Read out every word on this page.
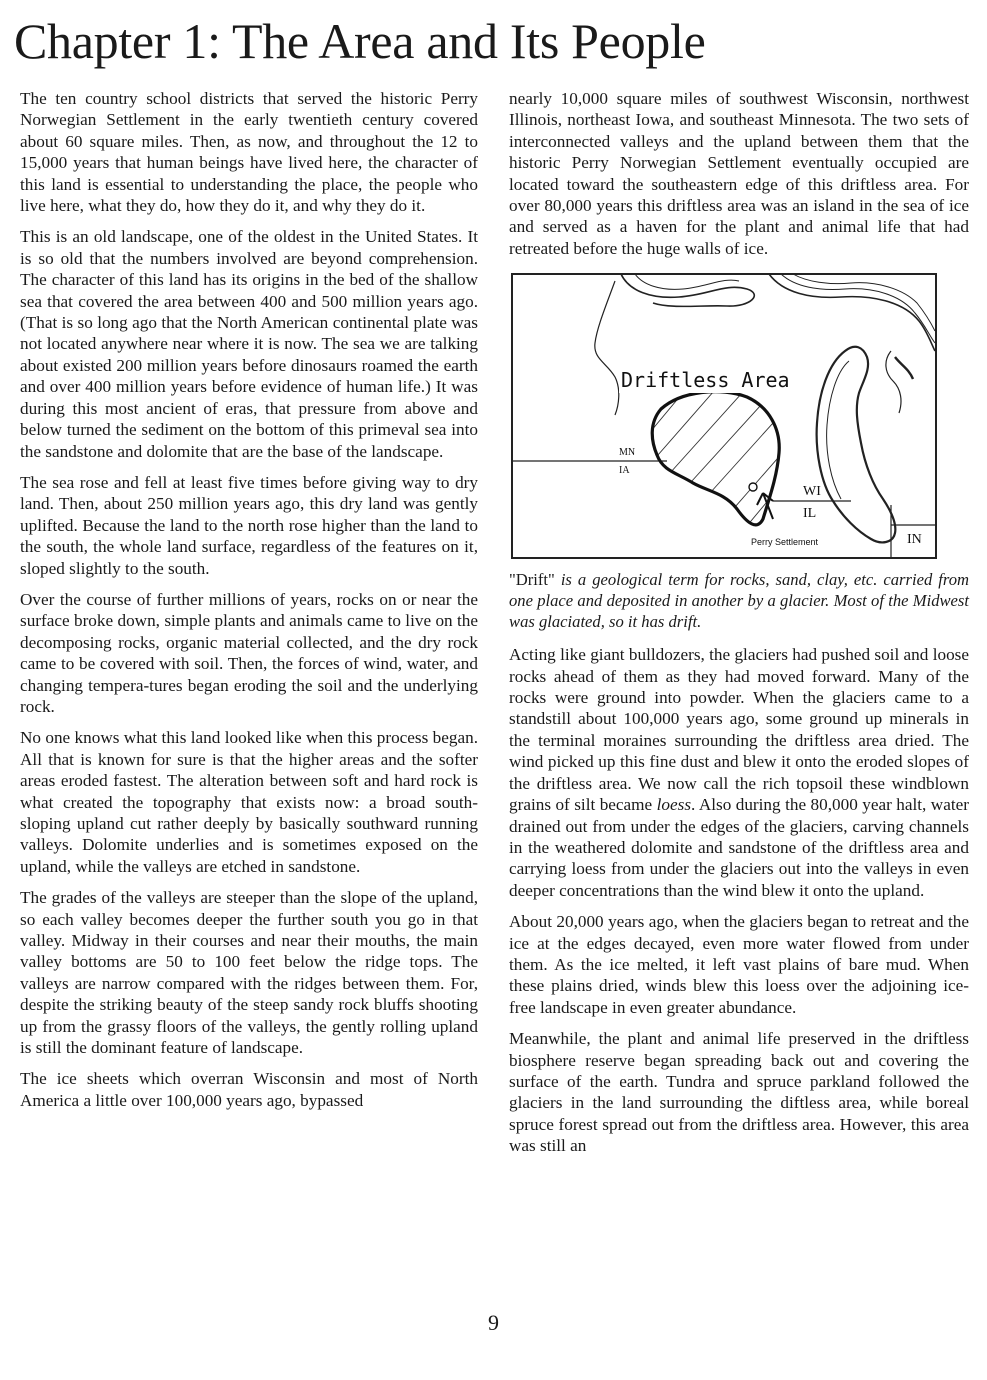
Chapter 1: The Area and Its People

The ten country school districts that served the historic Perry Norwegian Settlement in the early twentieth century covered about 60 square miles. Then, as now, and throughout the 12 to 15,000 years that human beings have lived here, the character of this land is essential to understanding the place, the people who live here, what they do, how they do it, and why they do it.

This is an old landscape, one of the oldest in the United States. It is so old that the numbers involved are beyond comprehension. The character of this land has its origins in the bed of the shallow sea that covered the area between 400 and 500 million years ago. (That is so long ago that the North American continental plate was not located anywhere near where it is now. The sea we are talking about existed 200 million years before dinosaurs roamed the earth and over 400 million years before evidence of human life.) It was during this most ancient of eras, that pressure from above and below turned the sediment on the bottom of this primeval sea into the sandstone and dolomite that are the base of the landscape.

The sea rose and fell at least five times before giving way to dry land. Then, about 250 million years ago, this dry land was gently uplifted. Because the land to the north rose higher than the land to the south, the whole land surface, regardless of the features on it, sloped slightly to the south.

Over the course of further millions of years, rocks on or near the surface broke down, simple plants and animals came to live on the decomposing rocks, organic material collected, and the dry rock came to be covered with soil. Then, the forces of wind, water, and changing tempera-tures began eroding the soil and the underlying rock.

No one knows what this land looked like when this process began. All that is known for sure is that the higher areas and the softer areas eroded fastest. The alteration between soft and hard rock is what created the topography that exists now: a broad south-sloping upland cut rather deeply by basically southward running valleys. Dolomite underlies and is sometimes exposed on the upland, while the valleys are etched in sandstone.

The grades of the valleys are steeper than the slope of the upland, so each valley becomes deeper the further south you go in that valley. Midway in their courses and near their mouths, the main valley bottoms are 50 to 100 feet below the ridge tops. The valleys are narrow compared with the ridges between them. For, despite the striking beauty of the steep sandy rock bluffs shooting up from the grassy floors of the valleys, the gently rolling upland is still the dominant feature of landscape.

The ice sheets which overran Wisconsin and most of North America a little over 100,000 years ago, bypassed

nearly 10,000 square miles of southwest Wisconsin, northwest Illinois, northeast Iowa, and southeast Minnesota. The two sets of interconnected valleys and the upland between them that the historic Perry Norwegian Settlement eventually occupied are located toward the southeastern edge of this driftless area. For over 80,000 years this driftless area was an island in the sea of ice and served as a haven for the plant and animal life that had retreated before the huge walls of ice.

Driftless Area
MN
IA
WI
IL
IN
Perry Settlement

"Drift" is a geological term for rocks, sand, clay, etc. carried from one place and deposited in another by a glacier. Most of the Midwest was glaciated, so it has drift.

Acting like giant bulldozers, the glaciers had pushed soil and loose rocks ahead of them as they had moved forward. Many of the rocks were ground into powder. When the glaciers came to a standstill about 100,000 years ago, some ground up minerals in the terminal moraines surrounding the driftless area dried. The wind picked up this fine dust and blew it onto the eroded slopes of the driftless area. We now call the rich topsoil these windblown grains of silt became loess. Also during the 80,000 year halt, water drained out from under the edges of the glaciers, carving channels in the weathered dolomite and sandstone of the driftless area and carrying loess from under the glaciers out into the valleys in even deeper concentrations than the wind blew it onto the upland.

About 20,000 years ago, when the glaciers began to retreat and the ice at the edges decayed, even more water flowed from under them. As the ice melted, it left vast plains of bare mud. When these plains dried, winds blew this loess over the adjoining ice-free landscape in even greater abundance.

Meanwhile, the plant and animal life preserved in the driftless biosphere reserve began spreading back out and covering the surface of the earth. Tundra and spruce parkland followed the glaciers in the land surrounding the diftless area, while boreal spruce forest spread out from the driftless area. However, this area was still an

9
